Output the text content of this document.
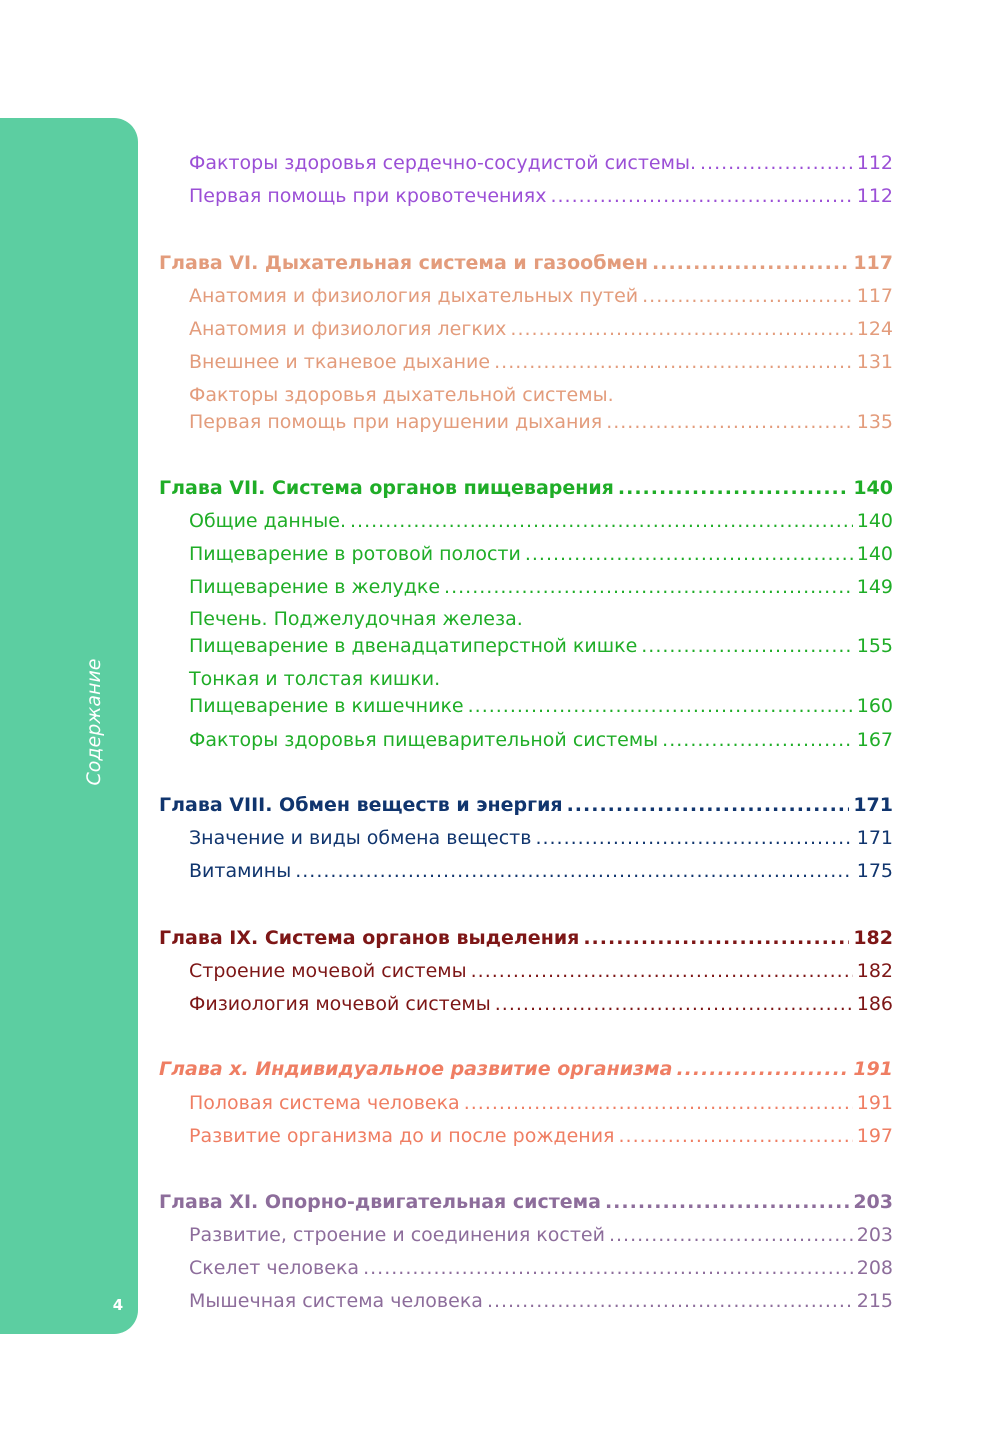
Содержание
4
Факторы здоровья сердечно-сосудистой системы. .....	112
Первая помощь при кровотечениях .....	112
Глава VI. Дыхательная система и газообмен .....	117
Анатомия и физиология дыхательных путей .....	117
Анатомия и физиология легких .....	124
Внешнее и тканевое дыхание .....	131
Факторы здоровья дыхательной системы.
Первая помощь при нарушении дыхания .....	135
Глава VII. Система органов пищеварения .....	140
Общие данные. .....	140
Пищеварение в ротовой полости .....	140
Пищеварение в желудке .....	149
Печень. Поджелудочная железа.
Пищеварение в двенадцатиперстной кишке .....	155
Тонкая и толстая кишки.
Пищеварение в кишечнике .....	160
Факторы здоровья пищеварительной системы .....	167
Глава VIII. Обмен веществ и энергия .....	171
Значение и виды обмена веществ .....	171
Витамины .....	175
Глава IX. Система органов выделения .....	182
Строение мочевой системы .....	182
Физиология мочевой системы .....	186
Глава x. Индивидуальное развитие организма .....	191
Половая система человека .....	191
Развитие организма до и после рождения .....	197
Глава XI. Опорно-двигательная система .....	203
Развитие, строение и соединения костей .....	203
Скелет человека .....	208
Мышечная система человека .....	215
